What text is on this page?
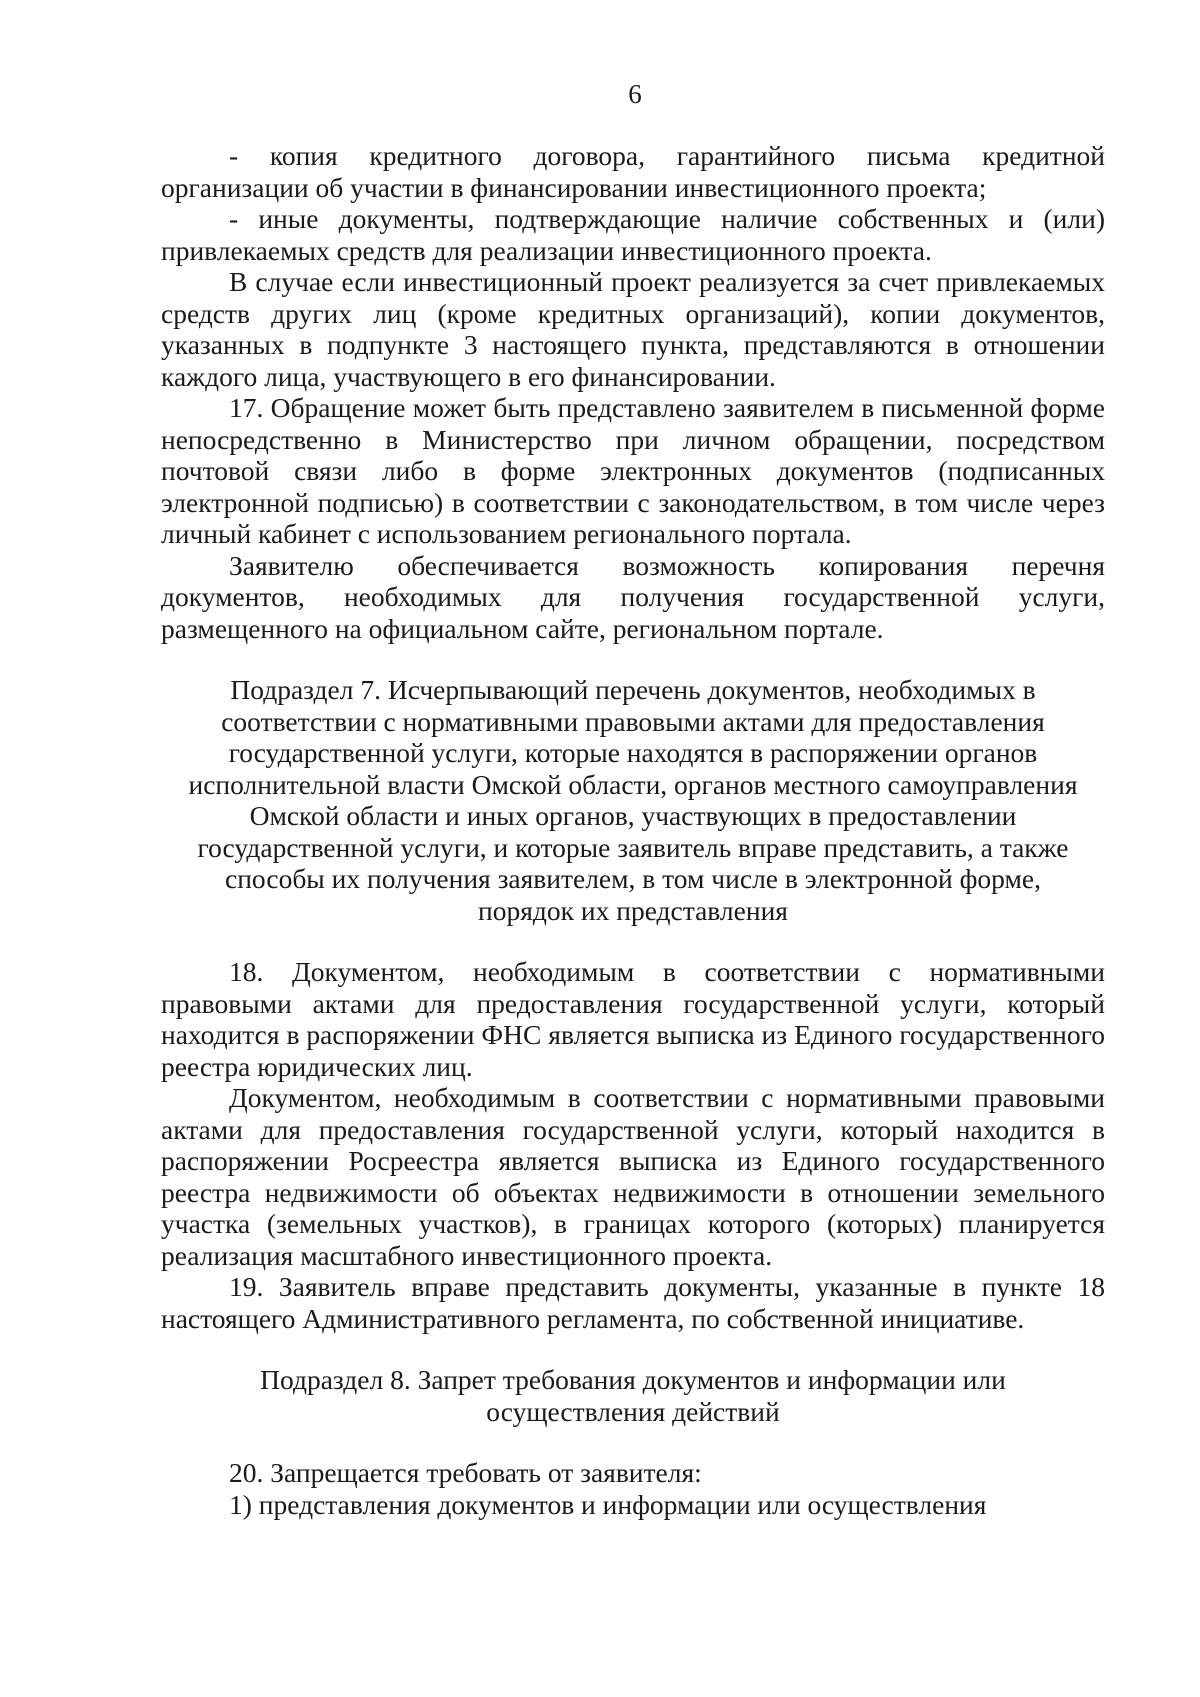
6

- копия кредитного договора, гарантийного письма кредитной организации об участии в финансировании инвестиционного проекта;

- иные документы, подтверждающие наличие собственных и (или) привлекаемых средств для реализации инвестиционного проекта.

В случае если инвестиционный проект реализуется за счет привлекаемых средств других лиц (кроме кредитных организаций), копии документов, указанных в подпункте 3 настоящего пункта, представляются в отношении каждого лица, участвующего в его финансировании.

17. Обращение может быть представлено заявителем в письменной форме непосредственно в Министерство при личном обращении, посредством почтовой связи либо в форме электронных документов (подписанных электронной подписью) в соответствии с законодательством, в том числе через личный кабинет с использованием регионального портала.

Заявителю обеспечивается возможность копирования перечня документов, необходимых для получения государственной услуги, размещенного на официальном сайте, региональном портале.

Подраздел 7. Исчерпывающий перечень документов, необходимых в соответствии с нормативными правовыми актами для предоставления государственной услуги, которые находятся в распоряжении органов исполнительной власти Омской области, органов местного самоуправления Омской области и иных органов, участвующих в предоставлении государственной услуги, и которые заявитель вправе представить, а также способы их получения заявителем, в том числе в электронной форме, порядок их представления

18. Документом, необходимым в соответствии с нормативными правовыми актами для предоставления государственной услуги, который находится в распоряжении ФНС является выписка из Единого государственного реестра юридических лиц.

Документом, необходимым в соответствии с нормативными правовыми актами для предоставления государственной услуги, который находится в распоряжении Росреестра является выписка из Единого государственного реестра недвижимости об объектах недвижимости в отношении земельного участка (земельных участков), в границах которого (которых) планируется реализация масштабного инвестиционного проекта.

19. Заявитель вправе представить документы, указанные в пункте 18 настоящего Административного регламента, по собственной инициативе.

Подраздел 8. Запрет требования документов и информации или осуществления действий

20. Запрещается требовать от заявителя:

1) представления документов и информации или осуществления
